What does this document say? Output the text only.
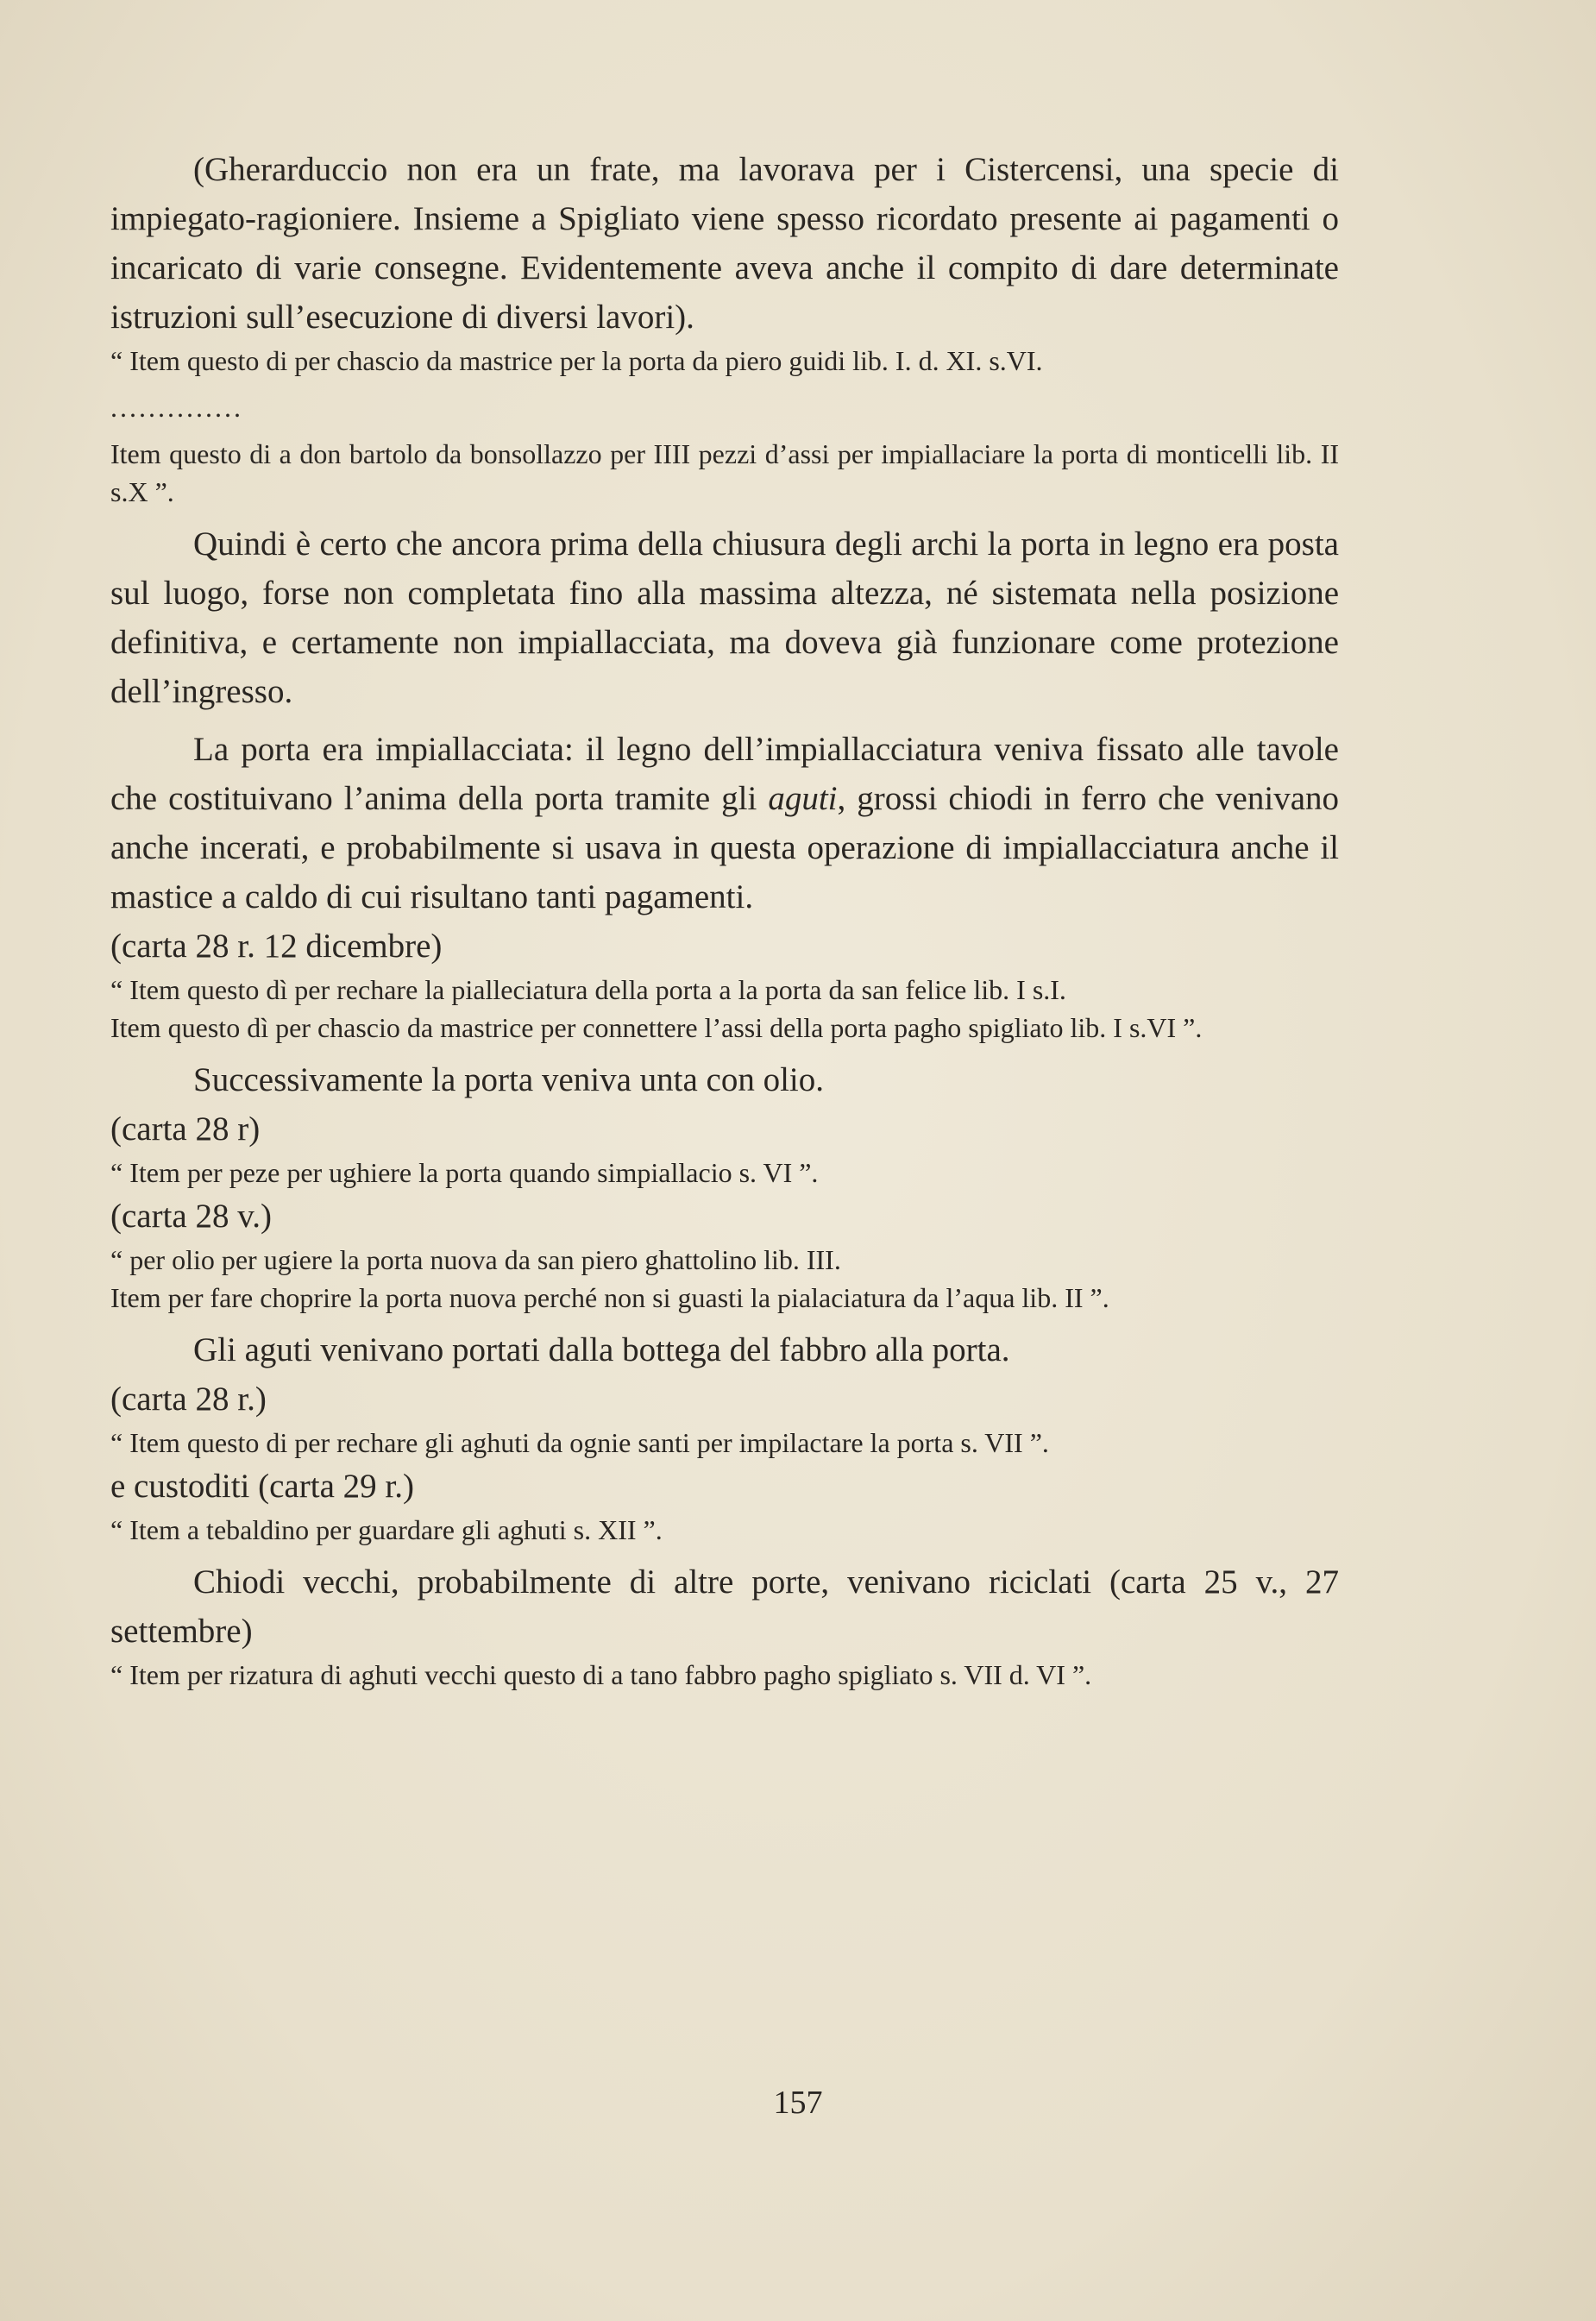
(Gherarduccio non era un frate, ma lavorava per i Cistercensi, una specie di impiegato-ragioniere. Insieme a Spigliato viene spesso ricordato presente ai pagamenti o incaricato di varie consegne. Evidentemente aveva anche il compito di dare determinate istruzioni sull’esecuzione di diversi lavori).

“ Item questo di per chascio da mastrice per la porta da piero guidi lib. I. d. XI. s.VI.

..............

Item questo di a don bartolo da bonsollazzo per IIII pezzi d’assi per impiallaciare la porta di monticelli lib. II s.X ”.

Quindi è certo che ancora prima della chiusura degli archi la porta in legno era posta sul luogo, forse non completata fino alla massima altezza, né sistemata nella posizione definitiva, e certamente non impiallacciata, ma doveva già funzionare come protezione dell’ingresso.

La porta era impiallacciata: il legno dell’impiallacciatura veniva fissato alle tavole che costituivano l’anima della porta tramite gli aguti, grossi chiodi in ferro che venivano anche incerati, e probabilmente si usava in questa operazione di impiallacciatura anche il mastice a caldo di cui risultano tanti pagamenti.

(carta 28 r. 12 dicembre)

“ Item questo dì per rechare la pialleciatura della porta a la porta da san felice lib. I s.I.

Item questo dì per chascio da mastrice per connettere l’assi della porta pagho spigliato lib. I s.VI ”.

Successivamente la porta veniva unta con olio.

(carta 28 r)

“ Item per peze per ughiere la porta quando simpiallacio s. VI ”.

(carta 28 v.)

“ per olio per ugiere la porta nuova da san piero ghattolino lib. III.

Item per fare choprire la porta nuova perché non si guasti la pialaciatura da l’aqua lib. II ”.

Gli aguti venivano portati dalla bottega del fabbro alla porta.

(carta 28 r.)

“ Item questo di per rechare gli aghuti da ognie santi per impilactare la porta s. VII ”.

e custoditi (carta 29 r.)

“ Item a tebaldino per guardare gli aghuti s. XII ”.

Chiodi vecchi, probabilmente di altre porte, venivano riciclati (carta 25 v., 27 settembre)

“ Item per rizatura di aghuti vecchi questo di a tano fabbro pagho spigliato s. VII d. VI ”.

157
